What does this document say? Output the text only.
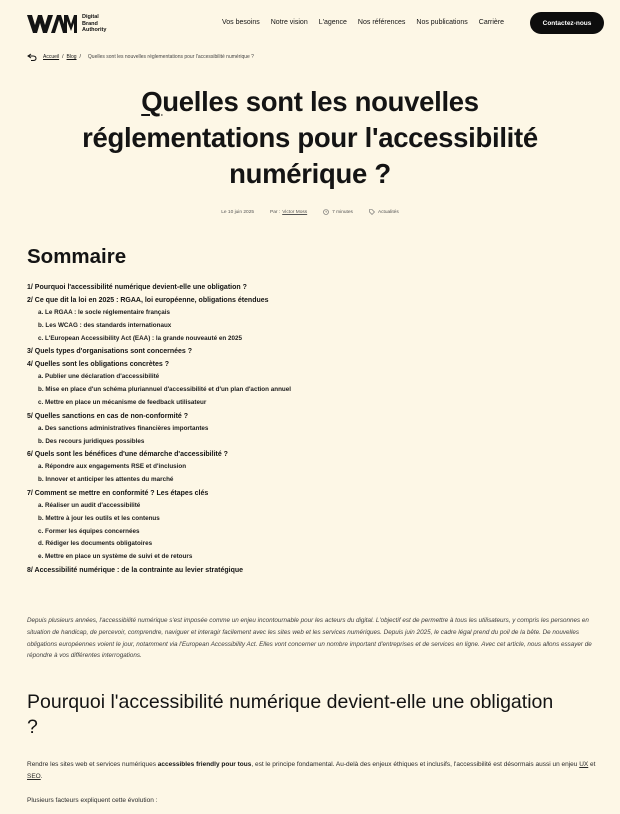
Digital
Brand
Authority
Vos besoins Notre vision L'agence Nos références Nos publications Carrière	Contactez-nous
Accueil / Blog / Quelles sont les nouvelles réglementations pour l'accessibilité numérique ?
Quelles sont les nouvelles réglementations pour l'accessibilité numérique ?
Le 10 juin 2025	Par : Victor Moss	7 minutes	Actualités
Sommaire
1/ Pourquoi l'accessibilité numérique devient-elle une obligation ?
2/ Ce que dit la loi en 2025 : RGAA, loi européenne, obligations étendues
a. Le RGAA : le socle réglementaire français
b. Les WCAG : des standards internationaux
c. L'European Accessibility Act (EAA) : la grande nouveauté en 2025
3/ Quels types d'organisations sont concernées ?
4/ Quelles sont les obligations concrètes ?
a. Publier une déclaration d'accessibilité
b. Mise en place d'un schéma pluriannuel d'accessibilité et d'un plan d'action annuel
c. Mettre en place un mécanisme de feedback utilisateur
5/ Quelles sanctions en cas de non-conformité ?
a. Des sanctions administratives financières importantes
b. Des recours juridiques possibles
6/ Quels sont les bénéfices d'une démarche d'accessibilité ?
a. Répondre aux engagements RSE et d'inclusion
b. Innover et anticiper les attentes du marché
7/ Comment se mettre en conformité ? Les étapes clés
a. Réaliser un audit d'accessibilité
b. Mettre à jour les outils et les contenus
c. Former les équipes concernées
d. Rédiger les documents obligatoires
e. Mettre en place un système de suivi et de retours
8/ Accessibilité numérique : de la contrainte au levier stratégique

Depuis plusieurs années, l'accessibilité numérique s'est imposée comme un enjeu incontournable pour les acteurs du digital. L'objectif est de permettre à tous les utilisateurs, y compris les personnes en situation de handicap, de percevoir, comprendre, naviguer et interagir facilement avec les sites web et les services numériques. Depuis juin 2025, le cadre légal prend du poil de la bête. De nouvelles obligations européennes voient le jour, notamment via l'European Accessibility Act. Elles vont concerner un nombre important d'entreprises et de services en ligne. Avec cet article, nous allons essayer de répondre à vos différentes interrogations.

Pourquoi l'accessibilité numérique devient-elle une obligation ?

Rendre les sites web et services numériques accessibles friendly pour tous, est le principe fondamental. Au-delà des enjeux éthiques et inclusifs, l'accessibilité est désormais aussi un enjeu UX et SEO.

Plusieurs facteurs expliquent cette évolution :
